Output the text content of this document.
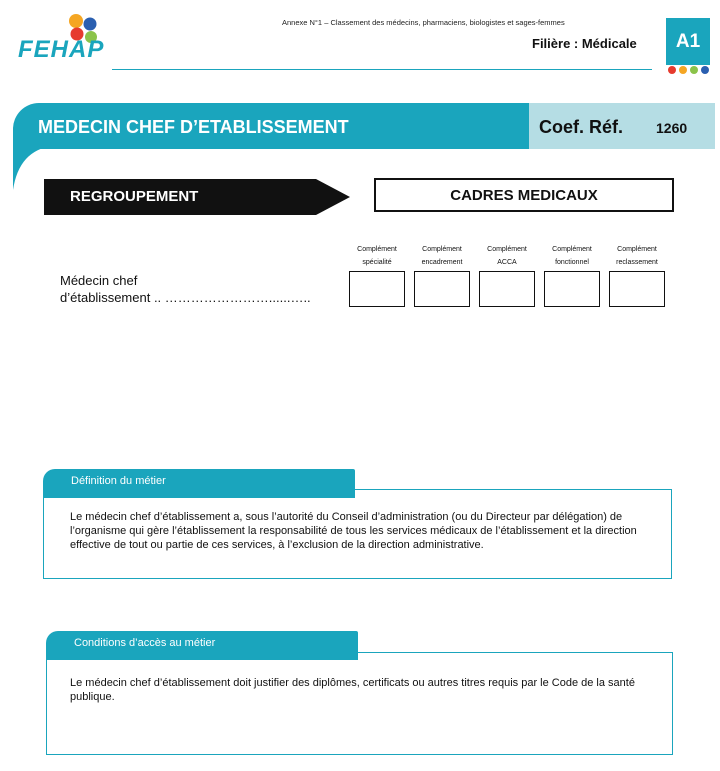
FEHAP
Annexe N°1 – Classement des médecins, pharmaciens, biologistes et sages-femmes
Filière : Médicale	A1
MEDECIN CHEF D’ETABLISSEMENT	Coef. Réf. 1260
REGROUPEMENT	CADRES MEDICAUX
Médecin chef
d’établissement .. ……………………......…..
Complément
spécialité
Complément
encadrement
Complément
ACCA
Complément
fonctionnel
Complément
reclassement
Définition du métier
Le médecin chef d’établissement a, sous l’autorité du Conseil d’administration (ou du Directeur par délégation) de l’organisme qui gère l’établissement la responsabilité de tous les services médicaux de l’établissement et la direction effective de tout ou partie de ces services, à l’exclusion de la direction administrative.
Conditions d’accès au métier
Le médecin chef d’établissement doit justifier des diplômes, certificats ou autres titres requis par le Code de la santé publique.
